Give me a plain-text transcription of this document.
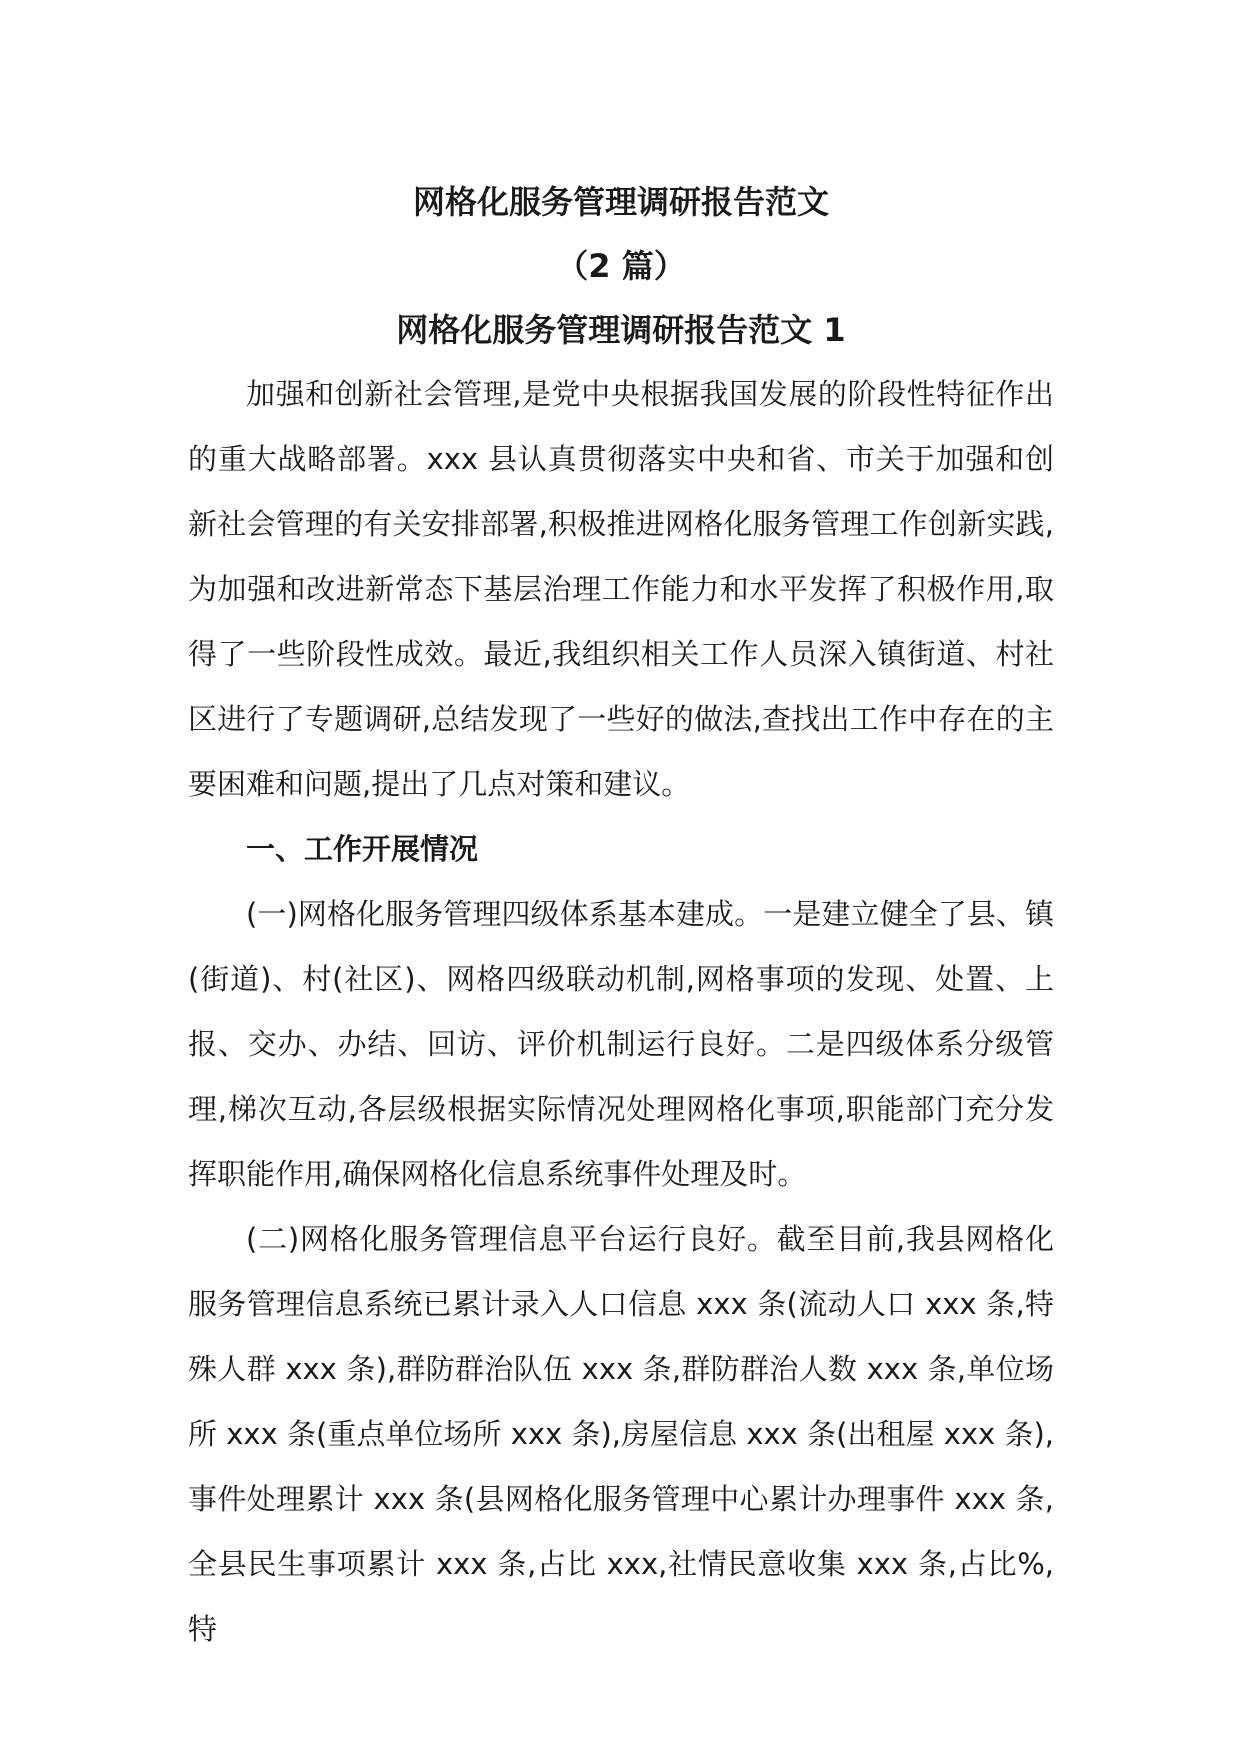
网格化服务管理调研报告范文
（2 篇）
网格化服务管理调研报告范文 1

加强和创新社会管理,是党中央根据我国发展的阶段性特征作出的重大战略部署。xxx 县认真贯彻落实中央和省、市关于加强和创新社会管理的有关安排部署,积极推进网格化服务管理工作创新实践,为加强和改进新常态下基层治理工作能力和水平发挥了积极作用,取得了一些阶段性成效。最近,我组织相关工作人员深入镇街道、村社区进行了专题调研,总结发现了一些好的做法,查找出工作中存在的主要困难和问题,提出了几点对策和建议。

一、工作开展情况

(一)网格化服务管理四级体系基本建成。一是建立健全了县、镇(街道)、村(社区)、网格四级联动机制,网格事项的发现、处置、上报、交办、办结、回访、评价机制运行良好。二是四级体系分级管理,梯次互动,各层级根据实际情况处理网格化事项,职能部门充分发挥职能作用,确保网格化信息系统事件处理及时。

(二)网格化服务管理信息平台运行良好。截至目前,我县网格化服务管理信息系统已累计录入人口信息 xxx 条(流动人口 xxx 条,特殊人群 xxx 条),群防群治队伍 xxx 条,群防群治人数 xxx 条,单位场所 xxx 条(重点单位场所 xxx 条),房屋信息 xxx 条(出租屋 xxx 条),事件处理累计 xxx 条(县网格化服务管理中心累计办理事件 xxx 条,全县民生事项累计 xxx 条,占比 xxx,社情民意收集 xxx 条,占比%,特
